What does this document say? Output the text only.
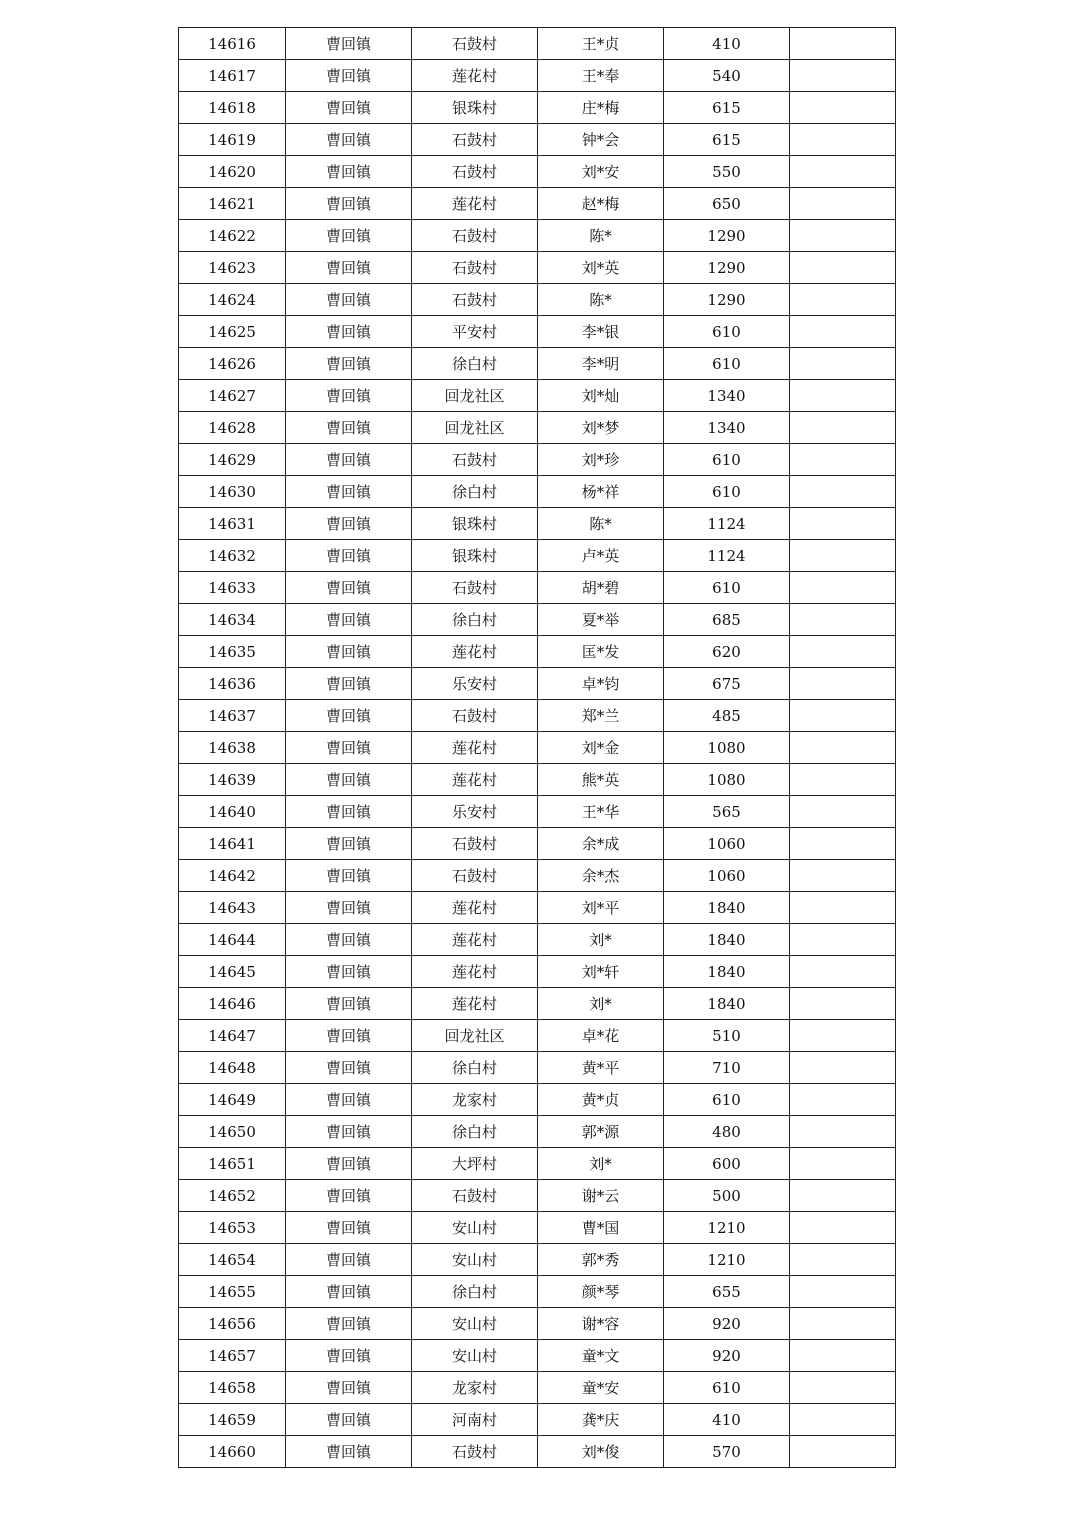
14616	曹回镇	石鼓村	王*贞	410	
14617	曹回镇	莲花村	王*奉	540	
14618	曹回镇	银珠村	庄*梅	615	
14619	曹回镇	石鼓村	钟*会	615	
14620	曹回镇	石鼓村	刘*安	550	
14621	曹回镇	莲花村	赵*梅	650	
14622	曹回镇	石鼓村	陈*	1290	
14623	曹回镇	石鼓村	刘*英	1290	
14624	曹回镇	石鼓村	陈*	1290	
14625	曹回镇	平安村	李*银	610	
14626	曹回镇	徐白村	李*明	610	
14627	曹回镇	回龙社区	刘*灿	1340	
14628	曹回镇	回龙社区	刘*梦	1340	
14629	曹回镇	石鼓村	刘*珍	610	
14630	曹回镇	徐白村	杨*祥	610	
14631	曹回镇	银珠村	陈*	1124	
14632	曹回镇	银珠村	卢*英	1124	
14633	曹回镇	石鼓村	胡*碧	610	
14634	曹回镇	徐白村	夏*举	685	
14635	曹回镇	莲花村	匡*发	620	
14636	曹回镇	乐安村	卓*钧	675	
14637	曹回镇	石鼓村	郑*兰	485	
14638	曹回镇	莲花村	刘*金	1080	
14639	曹回镇	莲花村	熊*英	1080	
14640	曹回镇	乐安村	王*华	565	
14641	曹回镇	石鼓村	余*成	1060	
14642	曹回镇	石鼓村	余*杰	1060	
14643	曹回镇	莲花村	刘*平	1840	
14644	曹回镇	莲花村	刘*	1840	
14645	曹回镇	莲花村	刘*轩	1840	
14646	曹回镇	莲花村	刘*	1840	
14647	曹回镇	回龙社区	卓*花	510	
14648	曹回镇	徐白村	黄*平	710	
14649	曹回镇	龙家村	黄*贞	610	
14650	曹回镇	徐白村	郭*源	480	
14651	曹回镇	大坪村	刘*	600	
14652	曹回镇	石鼓村	谢*云	500	
14653	曹回镇	安山村	曹*国	1210	
14654	曹回镇	安山村	郭*秀	1210	
14655	曹回镇	徐白村	颜*琴	655	
14656	曹回镇	安山村	谢*容	920	
14657	曹回镇	安山村	童*文	920	
14658	曹回镇	龙家村	童*安	610	
14659	曹回镇	河南村	龚*庆	410	
14660	曹回镇	石鼓村	刘*俊	570	
